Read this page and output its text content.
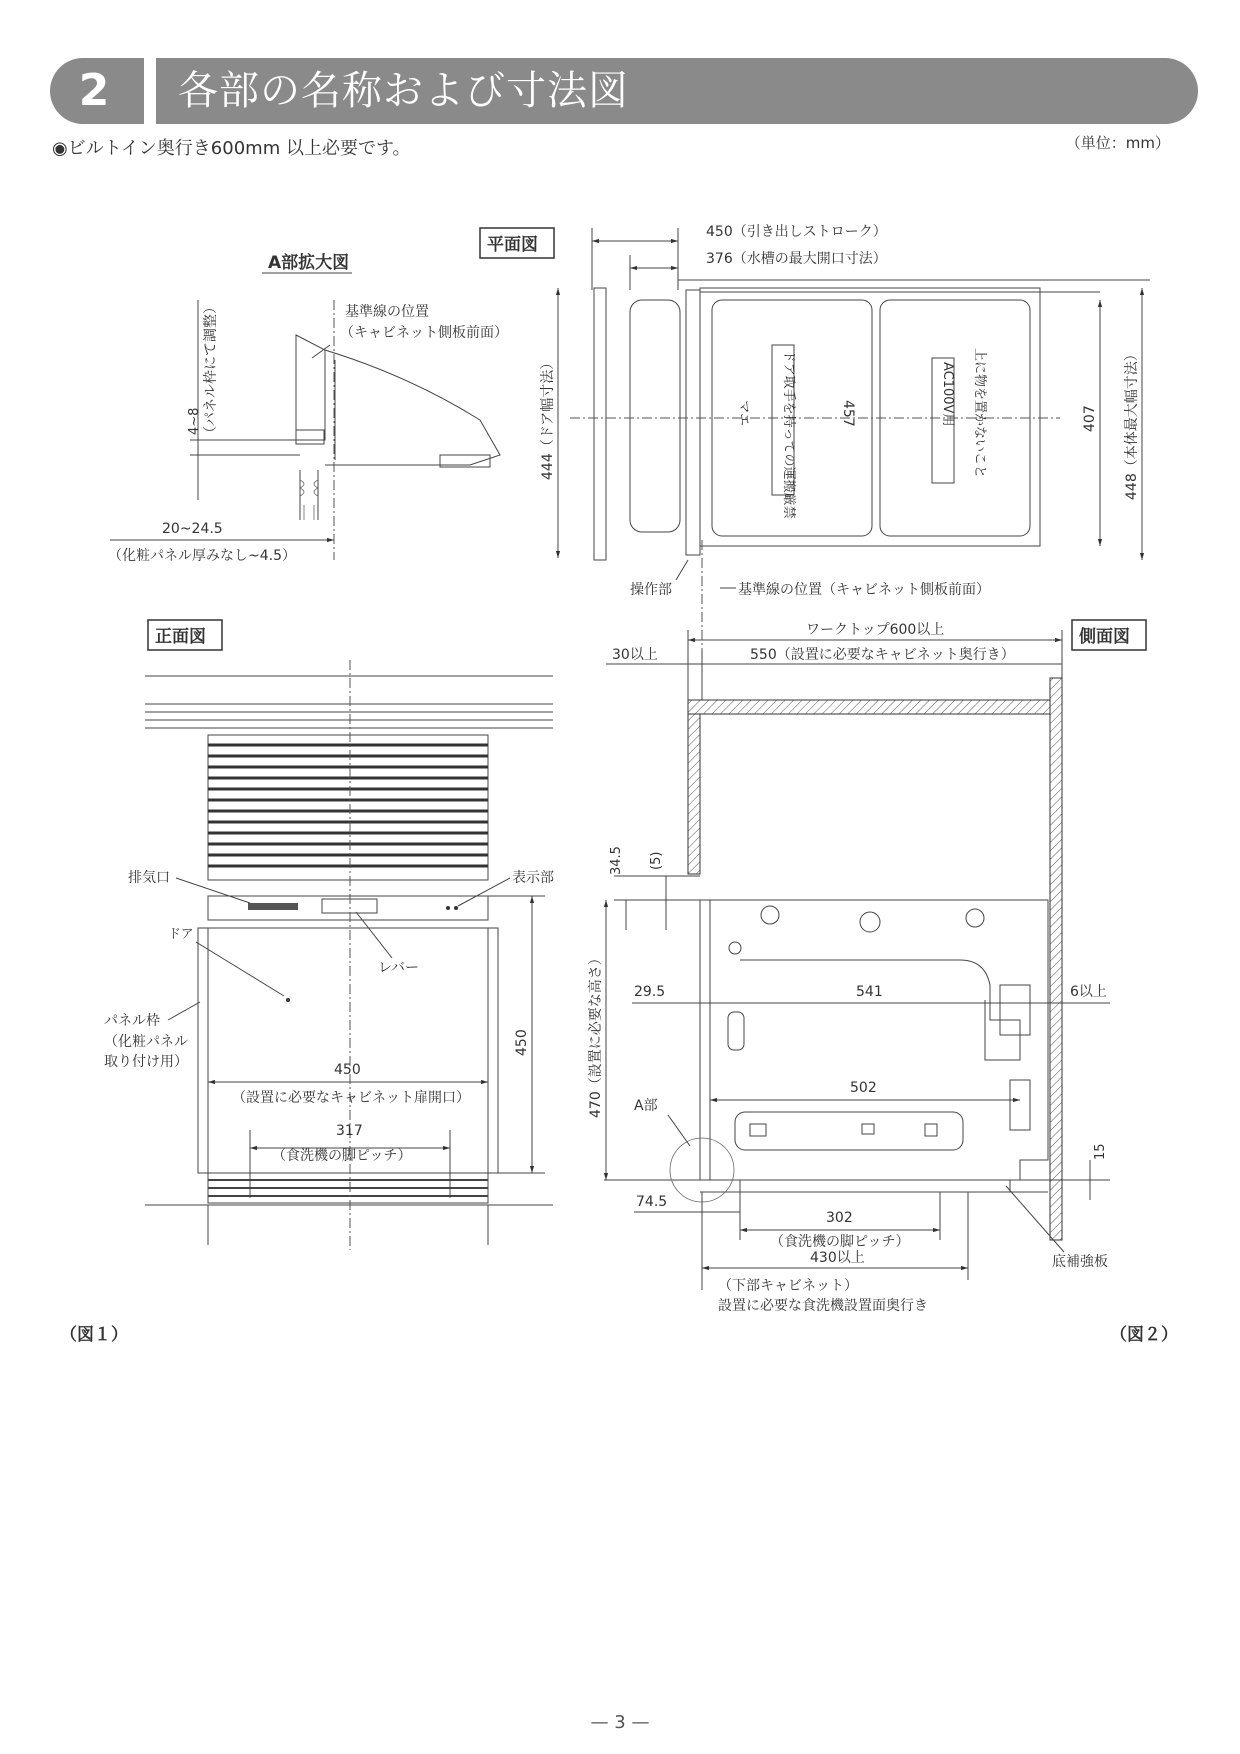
2	各部の名称および寸法図
◉ビルトイン奥行き600mm 以上必要です。	（単位：mm）
A部拡大図
基準線の位置
（キャビネット側板前面）
4~8 （パネル枠にて調整）
20~24.5
（化粧パネル厚みなし~4.5）
平面図
450（引き出しストローク）
376（水槽の最大開口寸法）
ドア取手を持っての運搬厳禁	AC100V用 上に物を置かないこと
457
マエ
444（ドア幅寸法）	407 448（本体最大幅寸法）
操作部	基準線の位置（キャビネット側板前面）
正面図
排気口	表示部
ドア
レバー
パネル枠
（化粧パネル
取り付け用）	450
（設置に必要なキャビネット扉開口）
317
（食洗機の脚ピッチ）
450
側面図
ワークトップ600以上
30以上	550（設置に必要なキャビネット奥行き）
34.5 (5)
470（設置に必要な高さ） 29.5	541	6以上
502
A部
15
74.5
302
（食洗機の脚ピッチ）
430以上
（下部キャビネット）
設置に必要な食洗機設置面奥行き
底補強板
（図１）	（図２）
— 3 —
